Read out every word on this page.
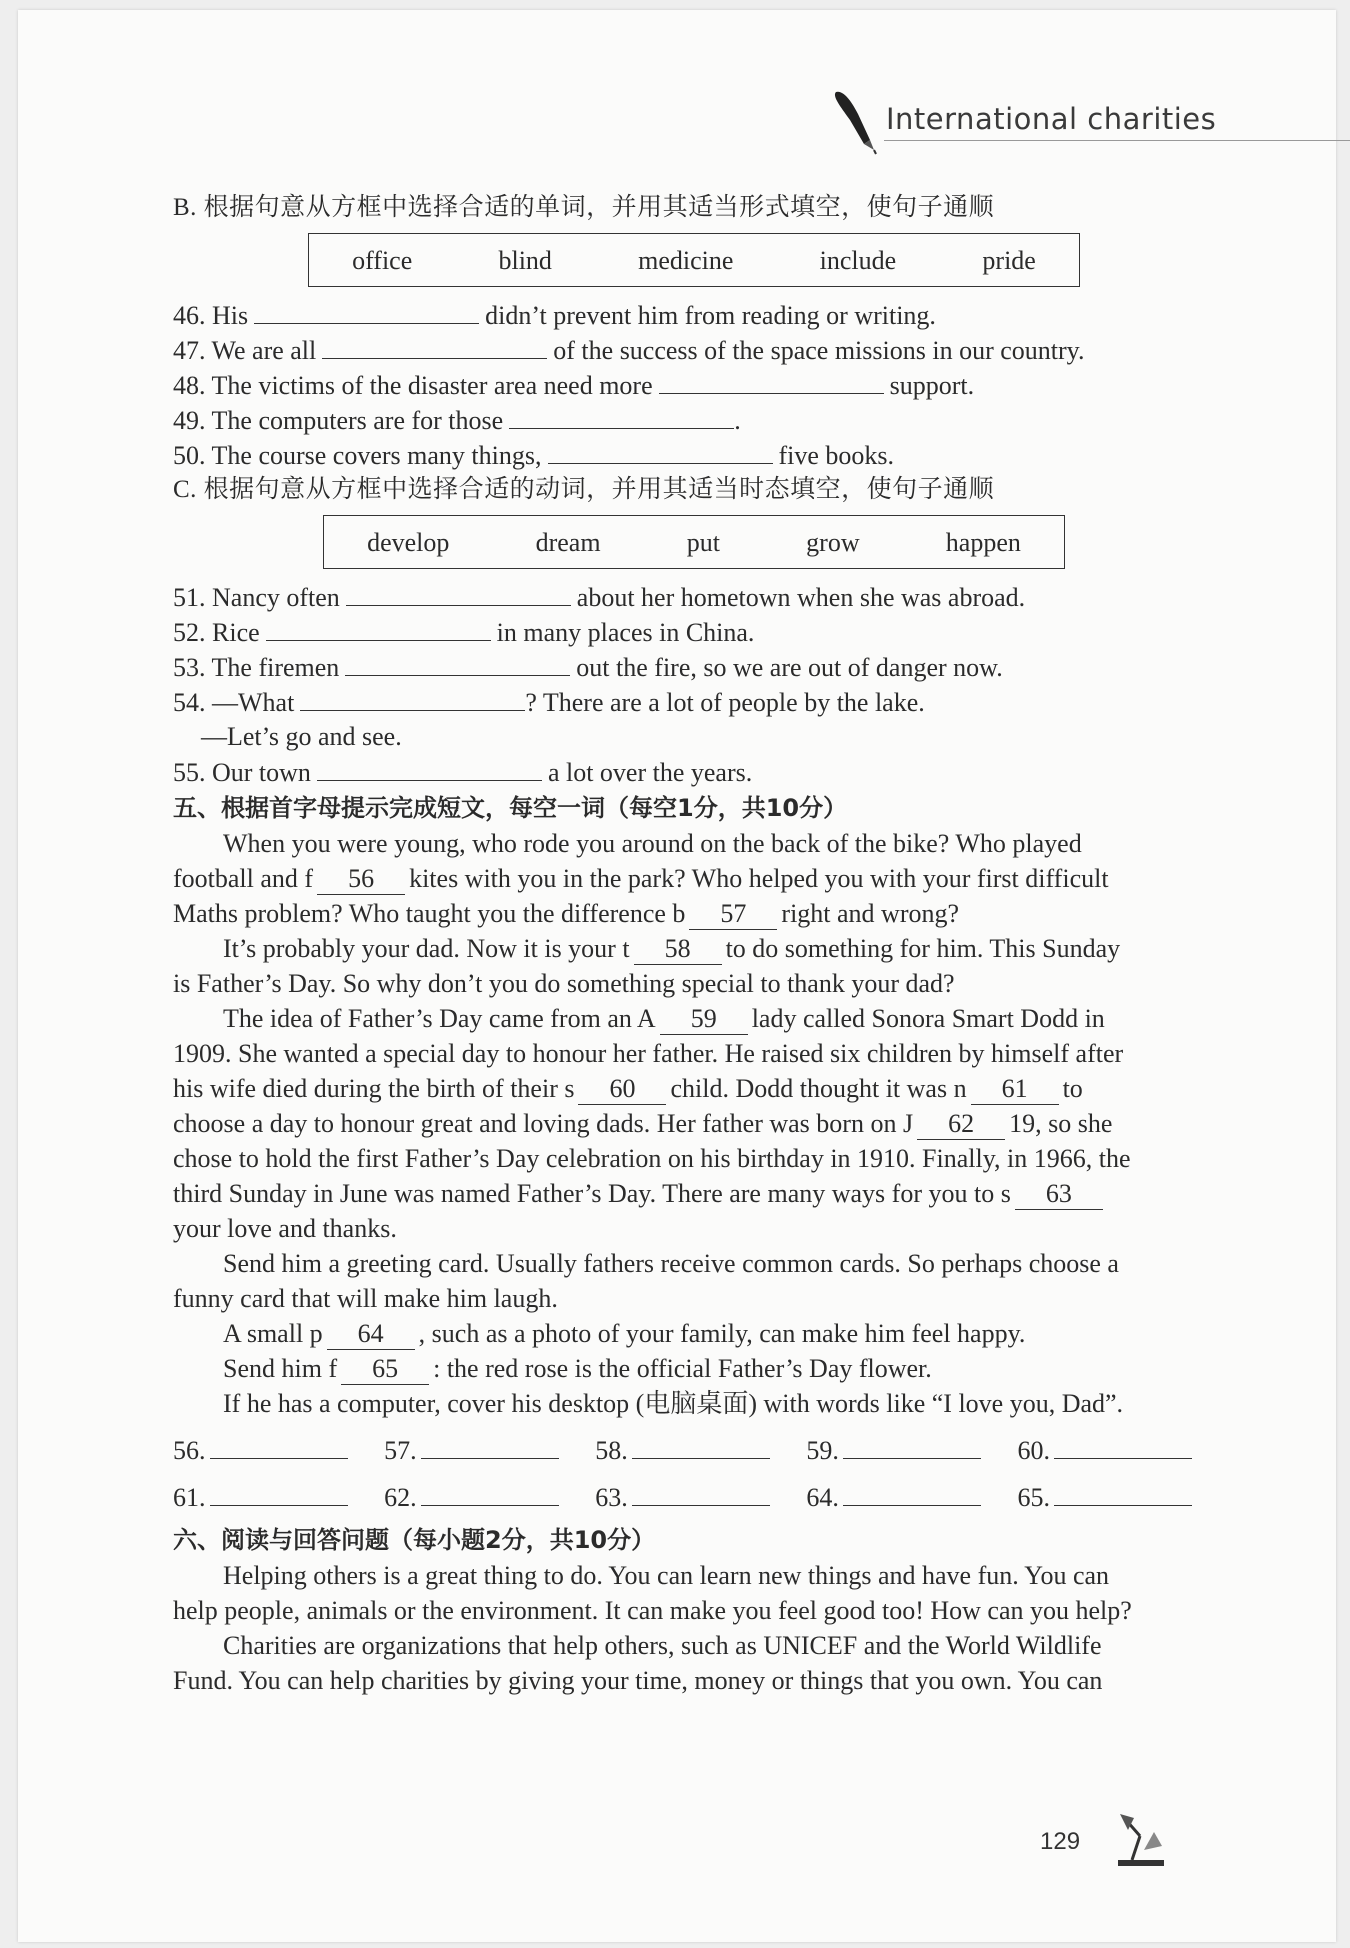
International charities
B. 根据句意从方框中选择合适的单词，并用其适当形式填空，使句子通顺
office	blind	medicine	include	pride
46. His	didn’t prevent him from reading or writing.
47. We are all	of the success of the space missions in our country.
48. The victims of the disaster area need more	support.
49. The computers are for those	.
50. The course covers many things,	five books.
C. 根据句意从方框中选择合适的动词，并用其适当时态填空，使句子通顺
develop	dream	put	grow	happen
51. Nancy often	about her hometown when she was abroad.
52. Rice	in many places in China.
53. The firemen	out the fire, so we are out of danger now.
54. —What	? There are a lot of people by the lake.
—Let’s go and see.
55. Our town	a lot over the years.
五、根据首字母提示完成短文，每空一词（每空1分，共10分）
When you were young, who rode you around on the back of the bike? Who played
football and f 56 kites with you in the park? Who helped you with your first difficult
Maths problem? Who taught you the difference b 57 right and wrong?
It’s probably your dad. Now it is your t 58 to do something for him. This Sunday
is Father’s Day. So why don’t you do something special to thank your dad?
The idea of Father’s Day came from an A 59 lady called Sonora Smart Dodd in
1909. She wanted a special day to honour her father. He raised six children by himself after
his wife died during the birth of their s 60 child. Dodd thought it was n 61 to
choose a day to honour great and loving dads. Her father was born on J 62 19, so she
chose to hold the first Father’s Day celebration on his birthday in 1910. Finally, in 1966, the
third Sunday in June was named Father’s Day. There are many ways for you to s 63
your love and thanks.
Send him a greeting card. Usually fathers receive common cards. So perhaps choose a
funny card that will make him laugh.
A small p 64 , such as a photo of your family, can make him feel happy.
Send him f 65 : the red rose is the official Father’s Day flower.
If he has a computer, cover his desktop (电脑桌面) with words like “I love you, Dad”.
56.	57.	58.	59.	60.
61.	62.	63.	64.	65.
六、阅读与回答问题（每小题2分，共10分）
Helping others is a great thing to do. You can learn new things and have fun. You can
help people, animals or the environment. It can make you feel good too! How can you help?
Charities are organizations that help others, such as UNICEF and the World Wildlife
Fund. You can help charities by giving your time, money or things that you own. You can
129
